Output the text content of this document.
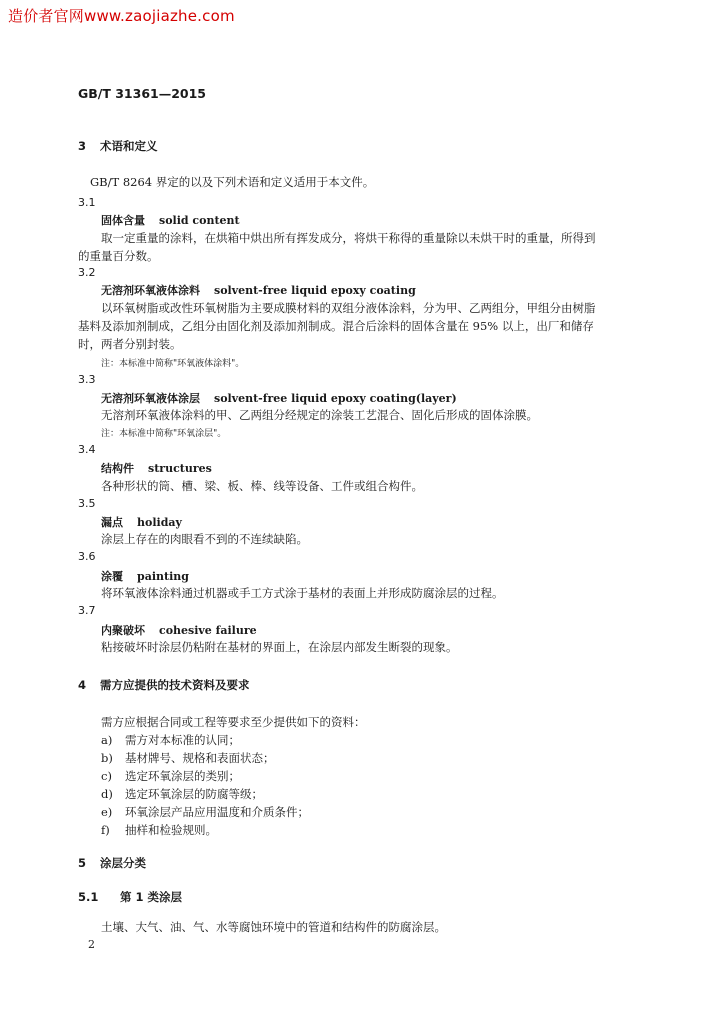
造价者官网www.zaojiazhe.com
GB/T 31361—2015
3 术语和定义
GB/T 8264 界定的以及下列术语和定义适用于本文件。
3.1
固体含量 solid content
取一定重量的涂料，在烘箱中烘出所有挥发成分，将烘干称得的重量除以未烘干时的重量，所得到
的重量百分数。
3.2
无溶剂环氧液体涂料 solvent-free liquid epoxy coating
以环氧树脂或改性环氧树脂为主要成膜材料的双组分液体涂料，分为甲、乙两组分，甲组分由树脂
基料及添加剂制成，乙组分由固化剂及添加剂制成。混合后涂料的固体含量在 95% 以上，出厂和储存
时，两者分别封装。
注：本标准中简称"环氧液体涂料"。
3.3
无溶剂环氧液体涂层 solvent-free liquid epoxy coating(layer)
无溶剂环氧液体涂料的甲、乙两组分经规定的涂装工艺混合、固化后形成的固体涂膜。
注：本标准中简称"环氧涂层"。
3.4
结构件 structures
各种形状的筒、槽、梁、板、棒、线等设备、工件或组合构件。
3.5
漏点 holiday
涂层上存在的肉眼看不到的不连续缺陷。
3.6
涂覆 painting
将环氧液体涂料通过机器或手工方式涂于基材的表面上并形成防腐涂层的过程。
3.7
内聚破坏 cohesive failure
粘接破坏时涂层仍粘附在基材的界面上，在涂层内部发生断裂的现象。
4 需方应提供的技术资料及要求
需方应根据合同或工程等要求至少提供如下的资料：
a) 需方对本标准的认同；
b) 基材牌号、规格和表面状态；
c) 选定环氧涂层的类别；
d) 选定环氧涂层的防腐等级；
e) 环氧涂层产品应用温度和介质条件；
f) 抽样和检验规则。
5 涂层分类
5.1 第 1 类涂层
土壤、大气、油、气、水等腐蚀环境中的管道和结构件的防腐涂层。
2
